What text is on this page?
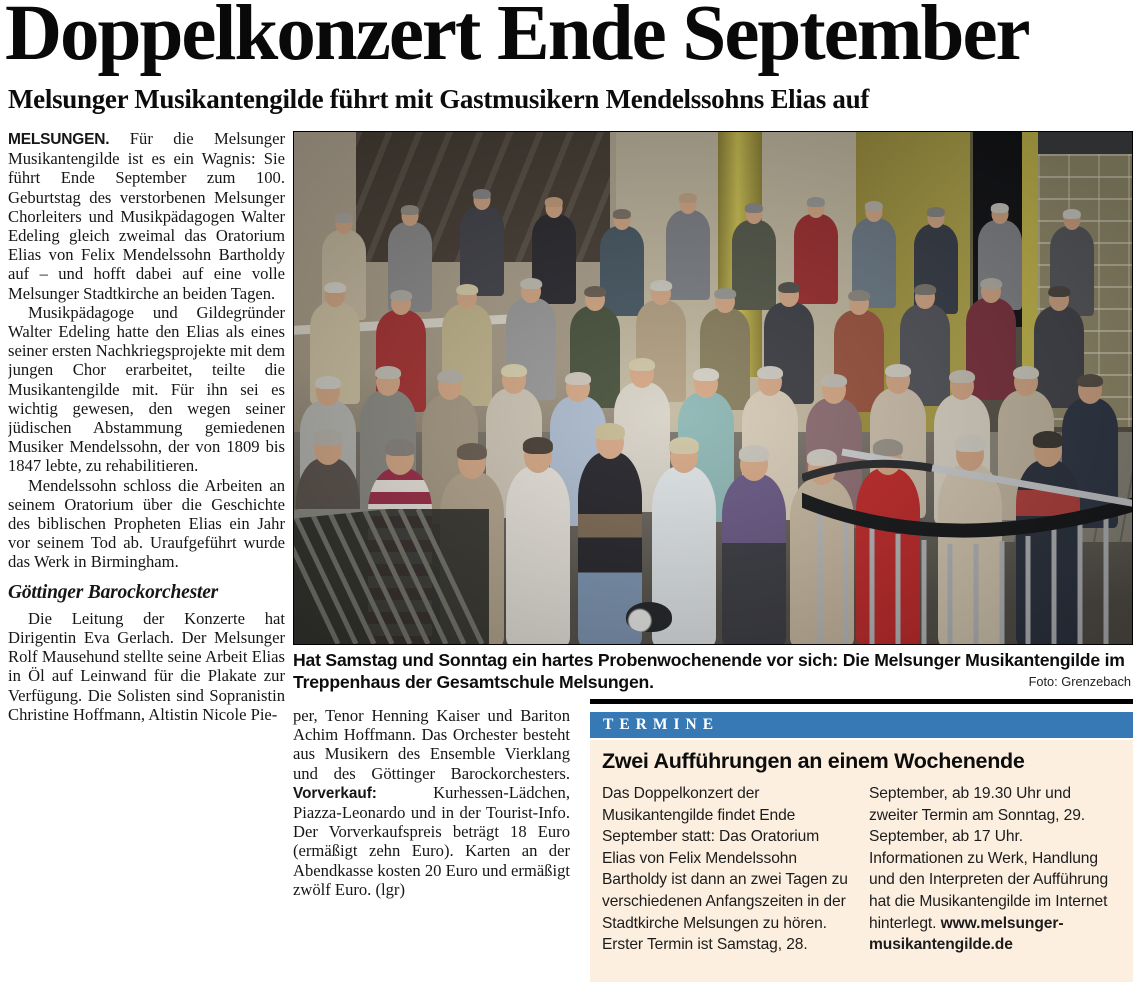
Doppelkonzert Ende September
Melsunger Musikantengilde führt mit Gastmusikern Mendelssohns Elias auf

MELSUNGEN. Für die Melsunger Musikantengilde ist es ein Wagnis: Sie führt Ende September zum 100. Geburtstag des verstorbenen Melsunger Chorleiters und Musikpädagogen Walter Edeling gleich zweimal das Oratorium Elias von Felix Mendelssohn Bartholdy auf – und hofft dabei auf eine volle Melsunger Stadtkirche an beiden Tagen.

Musikpädagoge und Gildegründer Walter Edeling hatte den Elias als eines seiner ersten Nachkriegsprojekte mit dem jungen Chor erarbeitet, teilte die Musikantengilde mit. Für ihn sei es wichtig gewesen, den wegen seiner jüdischen Abstammung gemiedenen Musiker Mendelssohn, der von 1809 bis 1847 lebte, zu rehabilitieren.

Mendelssohn schloss die Arbeiten an seinem Oratorium über die Geschichte des biblischen Propheten Elias ein Jahr vor seinem Tod ab. Uraufgeführt wurde das Werk in Birmingham.

Göttinger Barockorchester

Die Leitung der Konzerte hat Dirigentin Eva Gerlach. Der Melsunger Rolf Mausehund stellte seine Arbeit Elias in Öl auf Leinwand für die Plakate zur Verfügung. Die Solisten sind Sopranistin Christine Hoffmann, Altistin Nicole Pie-

Hat Samstag und Sonntag ein hartes Probenwochenende vor sich: Die Melsunger Musikantengilde im Treppenhaus der Gesamtschule Melsungen.	Foto: Grenzebach

per, Tenor Henning Kaiser und Bariton Achim Hoffmann. Das Orchester besteht aus Musikern des Ensemble Vierklang und des Göttinger Barockorchesters. Vorverkauf: Kurhessen-Lädchen, Piazza-Leonardo und in der Tourist-Info. Der Vorverkaufspreis beträgt 18 Euro (ermäßigt zehn Euro). Karten an der Abendkasse kosten 20 Euro und ermäßigt zwölf Euro. (lgr)

TERMINE
Zwei Aufführungen an einem Wochenende

Das Doppelkonzert der Musikantengilde findet Ende September statt: Das Oratorium Elias von Felix Mendelssohn Bartholdy ist dann an zwei Tagen zu verschiedenen Anfangszeiten in der Stadtkirche Melsungen zu hören. Erster Termin ist Samstag, 28.

September, ab 19.30 Uhr und zweiter Termin am Sonntag, 29. September, ab 17 Uhr. Informationen zu Werk, Handlung und den Interpreten der Aufführung hat die Musikantengilde im Internet hinterlegt. www.melsunger-musikantengilde.de
